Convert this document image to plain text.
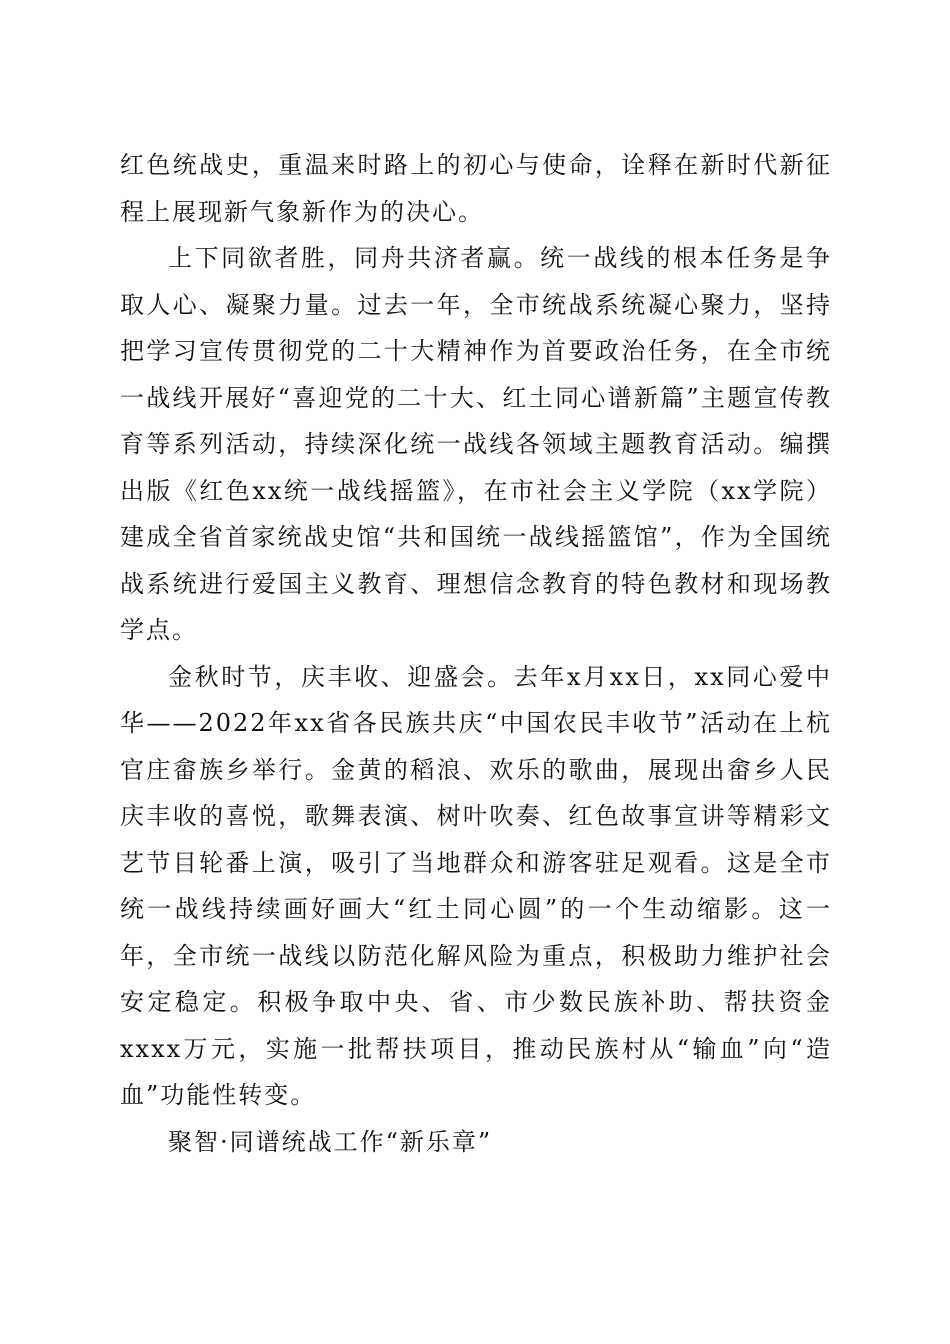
红色统战史，重温来时路上的初心与使命，诠释在新时代新征程上展现新气象新作为的决心。

上下同欲者胜，同舟共济者赢。统一战线的根本任务是争取人心、凝聚力量。过去一年，全市统战系统凝心聚力，坚持把学习宣传贯彻党的二十大精神作为首要政治任务，在全市统一战线开展好“喜迎党的二十大、红土同心谱新篇”主题宣传教育等系列活动，持续深化统一战线各领域主题教育活动。编撰出版《红色xx统一战线摇篮》，在市社会主义学院（xx学院）建成全省首家统战史馆“共和国统一战线摇篮馆”，作为全国统战系统进行爱国主义教育、理想信念教育的特色教材和现场教学点。

金秋时节，庆丰收、迎盛会。去年x月xx日，xx同心爱中华——2022年xx省各民族共庆“中国农民丰收节”活动在上杭官庄畲族乡举行。金黄的稻浪、欢乐的歌曲，展现出畲乡人民庆丰收的喜悦，歌舞表演、树叶吹奏、红色故事宣讲等精彩文艺节目轮番上演，吸引了当地群众和游客驻足观看。这是全市统一战线持续画好画大“红土同心圆”的一个生动缩影。这一年，全市统一战线以防范化解风险为重点，积极助力维护社会安定稳定。积极争取中央、省、市少数民族补助、帮扶资金xxxx万元，实施一批帮扶项目，推动民族村从“输血”向“造血”功能性转变。

聚智·同谱统战工作“新乐章”
